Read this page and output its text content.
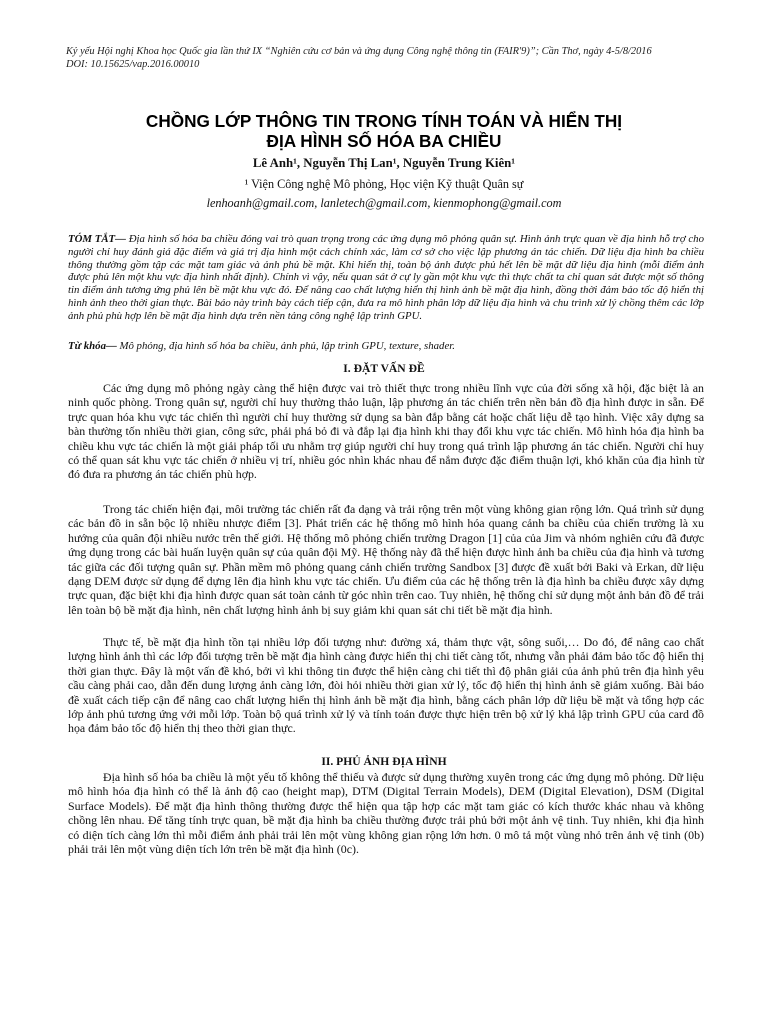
Kỷ yếu Hội nghị Khoa học Quốc gia lần thứ IX “Nghiên cứu cơ bản và ứng dụng Công nghệ thông tin (FAIR'9)”; Cần Thơ, ngày 4-5/8/2016
DOI: 10.15625/vap.2016.00010
CHỒNG LỚP THÔNG TIN TRONG TÍNH TOÁN VÀ HIỂN THỊ
ĐỊA HÌNH SỐ HÓA BA CHIỀU
Lê Anh¹, Nguyễn Thị Lan¹, Nguyễn Trung Kiên¹
¹ Viện Công nghệ Mô phỏng, Học viện Kỹ thuật Quân sự
lenhoanh@gmail.com, lanletech@gmail.com, kienmophong@gmail.com
TÓM TẮT— Địa hình số hóa ba chiều đóng vai trò quan trọng trong các ứng dụng mô phỏng quân sự. Hình ảnh trực quan về địa hình hỗ trợ cho người chỉ huy đánh giá đặc điểm và giá trị địa hình một cách chính xác, làm cơ sở cho việc lập phương án tác chiến. Dữ liệu địa hình ba chiều thông thường gồm tập các mặt tam giác và ảnh phủ bề mặt. Khi hiển thị, toàn bộ ảnh được phủ hết lên bề mặt dữ liệu địa hình (mỗi điểm ảnh được phủ lên một khu vực địa hình nhất định). Chính vì vậy, nếu quan sát ở cự ly gần một khu vực thì thực chất ta chỉ quan sát được một số thông tin điểm ảnh tương ứng phủ lên bề mặt khu vực đó. Để nâng cao chất lượng hiển thị hình ảnh bề mặt địa hình, đồng thời đảm bảo tốc độ hiển thị hình ảnh theo thời gian thực. Bài báo này trình bày cách tiếp cận, đưa ra mô hình phân lớp dữ liệu địa hình và chu trình xử lý chồng thêm các lớp ảnh phủ phù hợp lên bề mặt địa hình dựa trên nền tảng công nghệ lập trình GPU.
Từ khóa— Mô phỏng, địa hình số hóa ba chiều, ảnh phủ, lập trình GPU, texture, shader.
I. ĐẶT VẤN ĐỀ
Các ứng dụng mô phỏng ngày càng thể hiện được vai trò thiết thực trong nhiều lĩnh vực của đời sống xã hội, đặc biệt là an ninh quốc phòng. Trong quân sự, người chỉ huy thường thảo luận, lập phương án tác chiến trên nền bản đồ địa hình được in sẵn. Để trực quan hóa khu vực tác chiến thì người chỉ huy thường sử dụng sa bàn đắp bằng cát hoặc chất liệu dễ tạo hình. Việc xây dựng sa bàn thường tốn nhiều thời gian, công sức, phải phá bỏ đi và đắp lại địa hình khi thay đổi khu vực tác chiến. Mô hình hóa địa hình ba chiều khu vực tác chiến là một giải pháp tối ưu nhằm trợ giúp người chỉ huy trong quá trình lập phương án tác chiến. Người chỉ huy có thể quan sát khu vực tác chiến ở nhiều vị trí, nhiều góc nhìn khác nhau để nắm được đặc điểm thuận lợi, khó khăn của địa hình từ đó đưa ra phương án tác chiến phù hợp.
Trong tác chiến hiện đại, môi trường tác chiến rất đa dạng và trải rộng trên một vùng không gian rộng lớn. Quá trình sử dụng các bản đồ in sẵn bộc lộ nhiều nhược điểm [3]. Phát triển các hệ thống mô hình hóa quang cảnh ba chiều của chiến trường là xu hướng của quân đội nhiều nước trên thế giới. Hệ thống mô phỏng chiến trường Dragon [1] của của Jim và nhóm nghiên cứu đã được ứng dụng trong các bài huấn luyện quân sự của quân đội Mỹ. Hệ thống này đã thể hiện được hình ảnh ba chiều của địa hình và tương tác giữa các đối tượng quân sự. Phần mềm mô phỏng quang cảnh chiến trường Sandbox [3] được đề xuất bởi Baki và Erkan, dữ liệu dạng DEM được sử dụng để dựng lên địa hình khu vực tác chiến. Ưu điểm của các hệ thống trên là địa hình ba chiều được xây dựng trực quan, đặc biệt khi địa hình được quan sát toàn cảnh từ góc nhìn trên cao. Tuy nhiên, hệ thống chỉ sử dụng một ảnh bản đồ để trải lên toàn bộ bề mặt địa hình, nên chất lượng hình ảnh bị suy giảm khi quan sát chi tiết bề mặt địa hình.
Thực tế, bề mặt địa hình tồn tại nhiều lớp đối tượng như: đường xá, thảm thực vật, sông suối,… Do đó, để nâng cao chất lượng hình ảnh thì các lớp đối tượng trên bề mặt địa hình càng được hiển thị chi tiết càng tốt, nhưng vẫn phải đảm bảo tốc độ hiển thị thời gian thực. Đây là một vấn đề khó, bởi vì khi thông tin được thể hiện càng chi tiết thì độ phân giải của ảnh phủ trên địa hình yêu cầu càng phải cao, dẫn đến dung lượng ảnh càng lớn, đòi hỏi nhiều thời gian xử lý, tốc độ hiển thị hình ảnh sẽ giảm xuống. Bài báo đề xuất cách tiếp cận để nâng cao chất lượng hiển thị hình ảnh bề mặt địa hình, bằng cách phân lớp dữ liệu bề mặt và tổng hợp các lớp ảnh phủ tương ứng với mỗi lớp. Toàn bộ quá trình xử lý và tính toán được thực hiện trên bộ xử lý khả lập trình GPU của card đồ họa đảm bảo tốc độ hiển thị theo thời gian thực.
II. PHỦ ẢNH ĐỊA HÌNH
Địa hình số hóa ba chiều là một yếu tố không thể thiếu và được sử dụng thường xuyên trong các ứng dụng mô phỏng. Dữ liệu mô hình hóa địa hình có thể là ảnh độ cao (height map), DTM (Digital Terrain Models), DEM (Digital Elevation), DSM (Digital Surface Models). Để mặt địa hình thông thường được thể hiện qua tập hợp các mặt tam giác có kích thước khác nhau và không chồng lên nhau. Để tăng tính trực quan, bề mặt địa hình ba chiều thường được trải phủ bởi một ảnh vệ tinh. Tuy nhiên, khi địa hình có diện tích càng lớn thì mỗi điểm ảnh phải trải lên một vùng không gian rộng lớn hơn. 0 mô tả một vùng nhỏ trên ảnh vệ tinh (0b) phải trải lên một vùng diện tích lớn trên bề mặt địa hình (0c).
